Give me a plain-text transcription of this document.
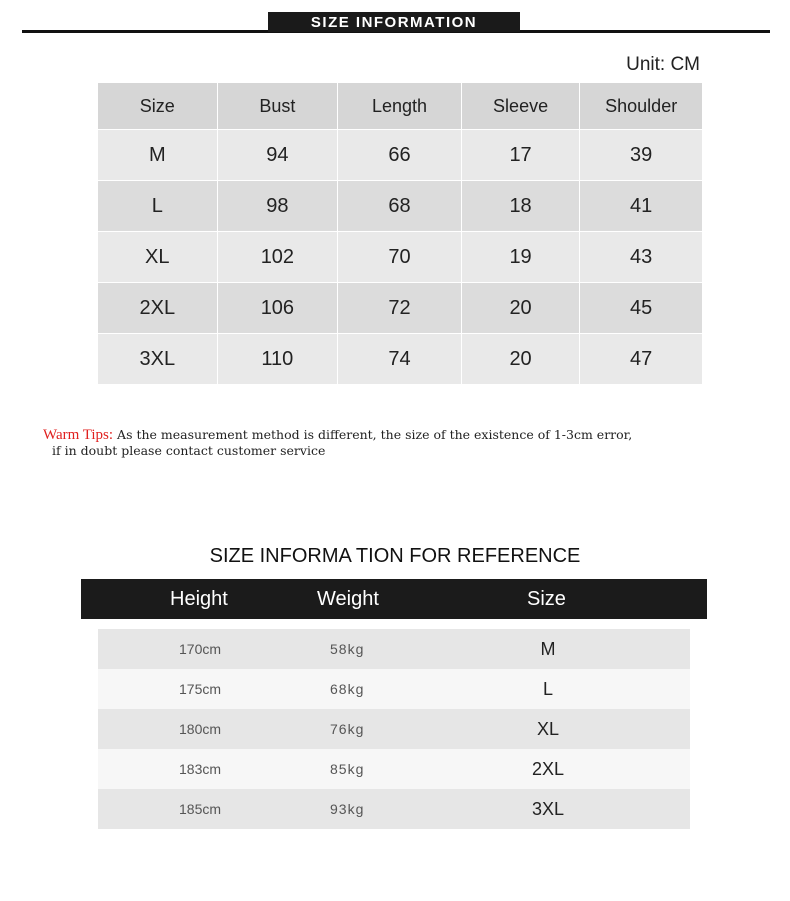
SIZE INFORMATION
Unit: CM
Size	Bust	Length	Sleeve	Shoulder
M	94	66	17	39
L	98	68	18	41
XL	102	70	19	43
2XL	106	72	20	45
3XL	110	74	20	47
Warm Tips: As the measurement method is different, the size of the existence of 1-3cm error,
if in doubt please contact customer service
SIZE INFORMA TION FOR REFERENCE
Height	Weight	Size
170cm	58kg	M
175cm	68kg	L
180cm	76kg	XL
183cm	85kg	2XL
185cm	93kg	3XL
